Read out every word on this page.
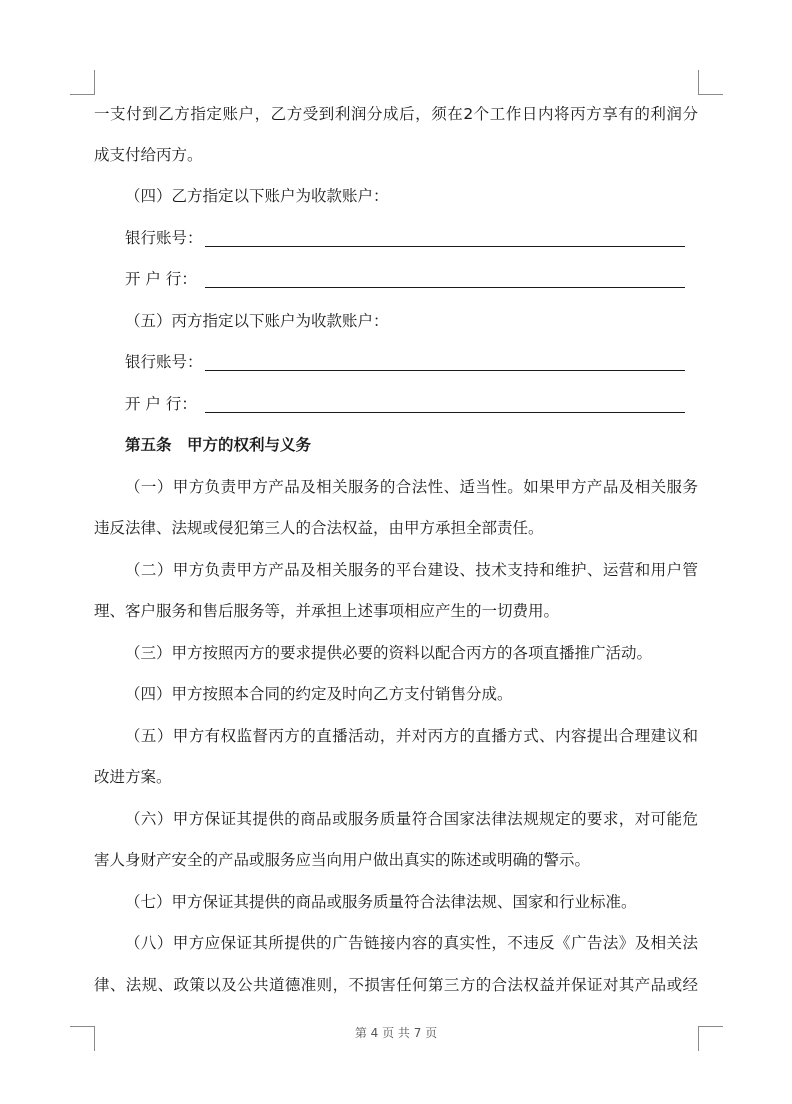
一支付到乙方指定账户，乙方受到利润分成后，须在2个工作日内将丙方享有的利润分
成支付给丙方。
（四）乙方指定以下账户为收款账户：
银行账号：
开 户 行：
（五）丙方指定以下账户为收款账户：
银行账号：
开 户 行：
第五条　甲方的权利与义务
（一）甲方负责甲方产品及相关服务的合法性、适当性。如果甲方产品及相关服务
违反法律、法规或侵犯第三人的合法权益，由甲方承担全部责任。
（二）甲方负责甲方产品及相关服务的平台建设、技术支持和维护、运营和用户管
理、客户服务和售后服务等，并承担上述事项相应产生的一切费用。
（三）甲方按照丙方的要求提供必要的资料以配合丙方的各项直播推广活动。
（四）甲方按照本合同的约定及时向乙方支付销售分成。
（五）甲方有权监督丙方的直播活动，并对丙方的直播方式、内容提出合理建议和
改进方案。
（六）甲方保证其提供的商品或服务质量符合国家法律法规规定的要求，对可能危
害人身财产安全的产品或服务应当向用户做出真实的陈述或明确的警示。
（七）甲方保证其提供的商品或服务质量符合法律法规、国家和行业标准。
（八）甲方应保证其所提供的广告链接内容的真实性，不违反《广告法》及相关法
律、法规、政策以及公共道德准则，不损害任何第三方的合法权益并保证对其产品或经
第 4 页 共 7 页
